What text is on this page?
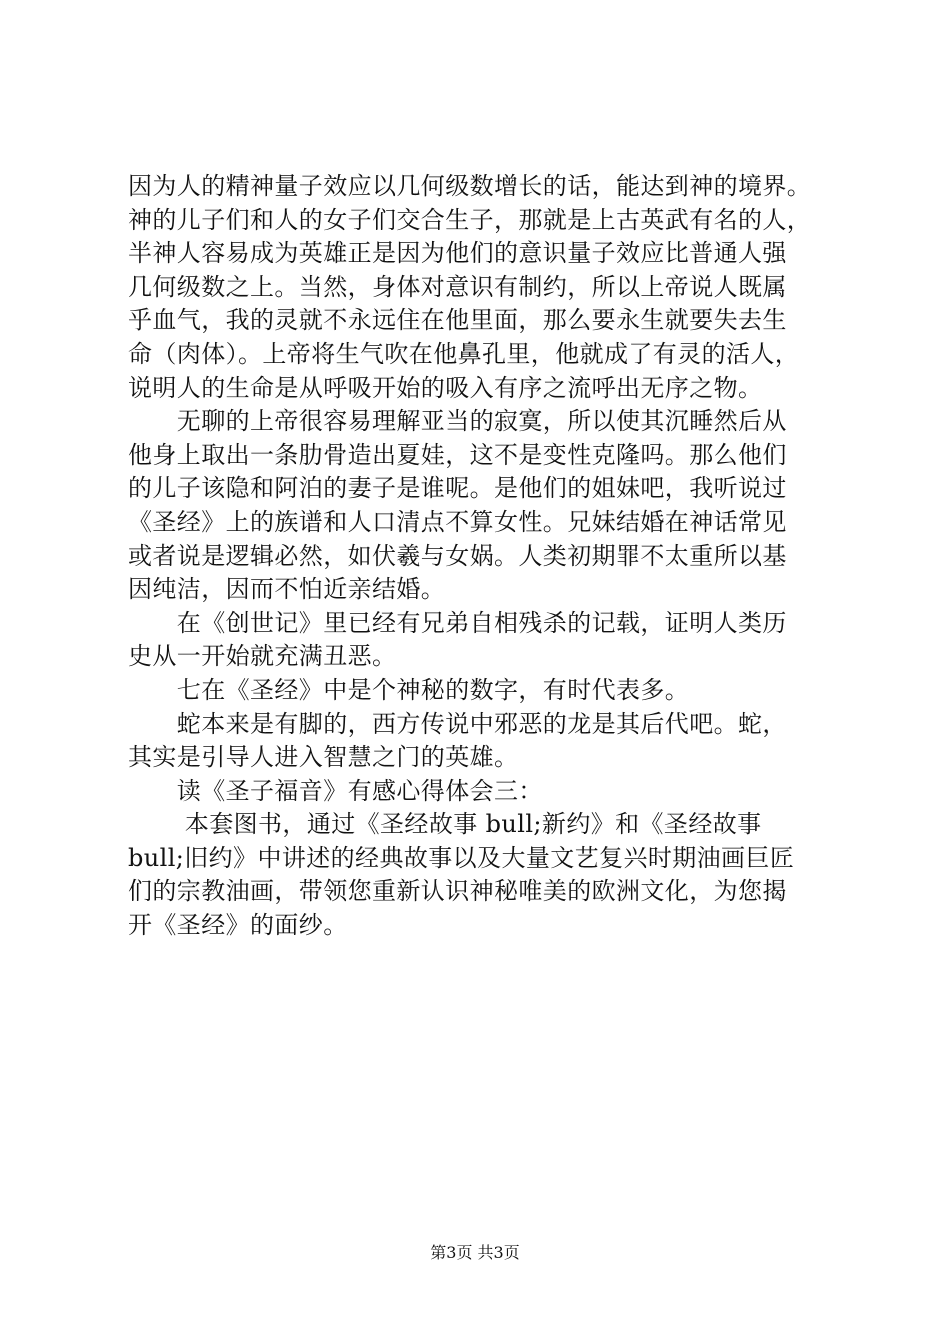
因为人的精神量子效应以几何级数增长的话，能达到神的境界。
神的儿子们和人的女子们交合生子，那就是上古英武有名的人，
半神人容易成为英雄正是因为他们的意识量子效应比普通人强
几何级数之上。当然，身体对意识有制约，所以上帝说人既属
乎血气，我的灵就不永远住在他里面，那么要永生就要失去生
命（肉体）。上帝将生气吹在他鼻孔里，他就成了有灵的活人，
说明人的生命是从呼吸开始的吸入有序之流呼出无序之物。
　　无聊的上帝很容易理解亚当的寂寞，所以使其沉睡然后从
他身上取出一条肋骨造出夏娃，这不是变性克隆吗。那么他们
的儿子该隐和阿泊的妻子是谁呢。是他们的姐妹吧，我听说过
《圣经》上的族谱和人口清点不算女性。兄妹结婚在神话常见
或者说是逻辑必然，如伏羲与女娲。人类初期罪不太重所以基
因纯洁，因而不怕近亲结婚。
　　在《创世记》里已经有兄弟自相残杀的记载，证明人类历
史从一开始就充满丑恶。
　　七在《圣经》中是个神秘的数字，有时代表多。
　　蛇本来是有脚的，西方传说中邪恶的龙是其后代吧。蛇，
其实是引导人进入智慧之门的英雄。
　　读《圣子福音》有感心得体会三：
　　 本套图书，通过《圣经故事 bull;新约》和《圣经故事
bull;旧约》中讲述的经典故事以及大量文艺复兴时期油画巨匠
们的宗教油画，带领您重新认识神秘唯美的欧洲文化，为您揭
开《圣经》的面纱。
第3页 共3页
